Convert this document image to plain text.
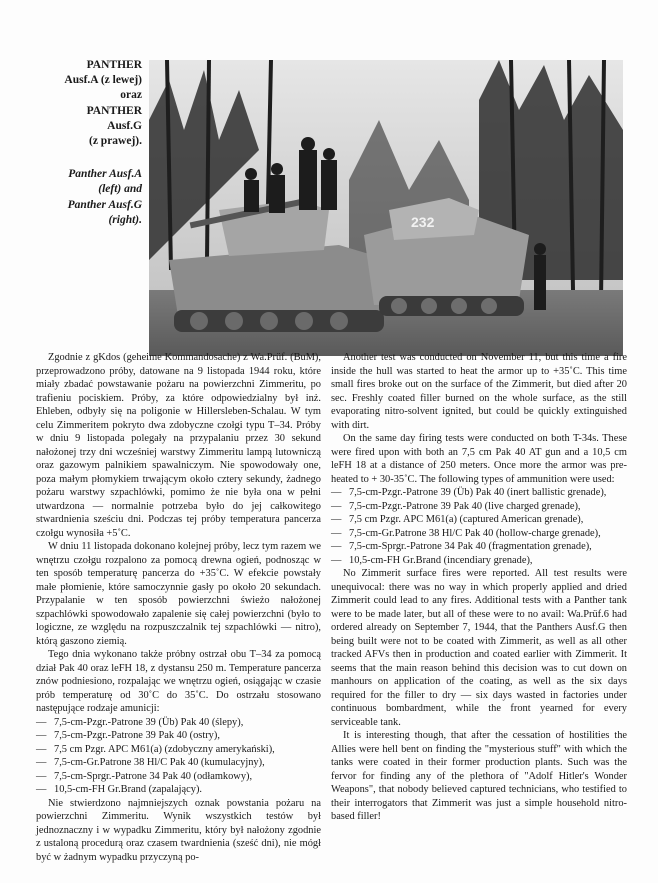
PANTHER
Ausf.A (z lewej)
oraz
PANTHER
Ausf.G
(z prawej).
Panther Ausf.A
(left) and
Panther Ausf.G
(right).	232

Zgodnie z gKdos (geheime Kommandosache) z Wa.Prüf. (BuM), przeprowadzono próby, datowane na 9 listopada 1944 roku, które miały zbadać powstawanie pożaru na powierzchni Zimmeritu, po trafieniu pociskiem. Próby, za które odpowiedzialny był inż. Ehleben, odbyły się na poligonie w Hillersleben-Schalau. W tym celu Zimmeritem pokryto dwa zdobyczne czołgi typu T–34. Próby w dniu 9 listopada polegały na przypalaniu przez 30 sekund nałożonej trzy dni wcześniej warstwy Zimmeritu lampą lutowniczą oraz gazowym palnikiem spawalniczym. Nie spowodowały one, poza małym płomykiem trwającym około cztery sekundy, żadnego pożaru warstwy szpachlówki, pomimo że nie była ona w pełni utwardzona — normalnie potrzeba było do jej całkowitego stwardnienia sześciu dni. Podczas tej próby temperatura pancerza czołgu wynosiła +5˚C.

W dniu 11 listopada dokonano kolejnej próby, lecz tym razem we wnętrzu czołgu rozpalono za pomocą drewna ogień, podnosząc w ten sposób temperaturę pancerza do +35˚C. W efekcie powstały małe płomienie, które samoczynnie gasły po około 20 sekundach. Przypalanie w ten sposób powierzchni świeżo nałożonej szpachlówki spowodowało zapalenie się całej powierzchni (było to logiczne, ze względu na rozpuszczalnik tej szpachlówki — nitro), którą gaszono ziemią.

Tego dnia wykonano także próbny ostrzał obu T–34 za pomocą dział Pak 40 oraz leFH 18, z dystansu 250 m. Temperature pancerza znów podniesiono, rozpalając we wnętrzu ogień, osiągając w czasie prób temperaturę od 30˚C do 35˚C. Do ostrzału stosowano następujące rodzaje amunicji:

— 7,5-cm-Pzgr.-Patrone 39 (Üb) Pak 40 (ślepy),
— 7,5-cm-Pzgr.-Patrone 39 Pak 40 (ostry),
— 7,5 cm Pzgr. APC M61(a) (zdobyczny amerykański),
— 7,5-cm-Gr.Patrone 38 Hl/C Pak 40 (kumulacyjny),
— 7,5-cm-Sprgr.-Patrone 34 Pak 40 (odłamkowy),
— 10,5-cm-FH Gr.Brand (zapalający).

Nie stwierdzono najmniejszych oznak powstania pożaru na powierzchni Zimmeritu. Wynik wszystkich testów był jednoznaczny i w wypadku Zimmeritu, który był nałożony zgodnie z ustaloną procedurą oraz czasem twardnienia (sześć dni), nie mógł być w żadnym wypadku przyczyną po-

Another test was conducted on November 11, but this time a fire inside the hull was started to heat the armor up to +35˚C. This time small fires broke out on the surface of the Zimmerit, but died after 20 sec. Freshly coated filler burned on the whole surface, as the still evaporating nitro-solvent ignited, but could be quickly extinguished with dirt.

On the same day firing tests were conducted on both T-34s. These were fired upon with both an 7,5 cm Pak 40 AT gun and a 10,5 cm leFH 18 at a distance of 250 meters. Once more the armor was pre-heated to + 30-35˚C. The following types of ammunition were used:

— 7,5-cm-Pzgr.-Patrone 39 (Üb) Pak 40 (inert ballistic grenade),
— 7,5-cm-Pzgr.-Patrone 39 Pak 40 (live charged grenade),
— 7,5 cm Pzgr. APC M61(a) (captured American grenade),
— 7,5-cm-Gr.Patrone 38 Hl/C Pak 40 (hollow-charge grenade),
— 7,5-cm-Sprgr.-Patrone 34 Pak 40 (fragmentation grenade),
— 10,5-cm-FH Gr.Brand (incendiary grenade),

No Zimmerit surface fires were reported. All test results were unequivocal: there was no way in which properly applied and dried Zimmerit could lead to any fires. Additional tests with a Panther tank were to be made later, but all of these were to no avail: Wa.Prüf.6 had ordered already on September 7, 1944, that the Panthers Ausf.G then being built were not to be coated with Zimmerit, as well as all other tracked AFVs then in production and coated earlier with Zimmerit. It seems that the main reason behind this decision was to cut down on manhours on application of the coating, as well as the six days required for the filler to dry — six days wasted in factories under continuous bombardment, while the front yearned for every serviceable tank.

It is interesting though, that after the cessation of hostilities the Allies were hell bent on finding the "mysterious stuff" with which the tanks were coated in their former production plants. Such was the fervor for finding any of the plethora of "Adolf Hitler's Wonder Weapons", that nobody believed captured technicians, who testified to their interrogators that Zimmerit was just a simple household nitro-based filler!
